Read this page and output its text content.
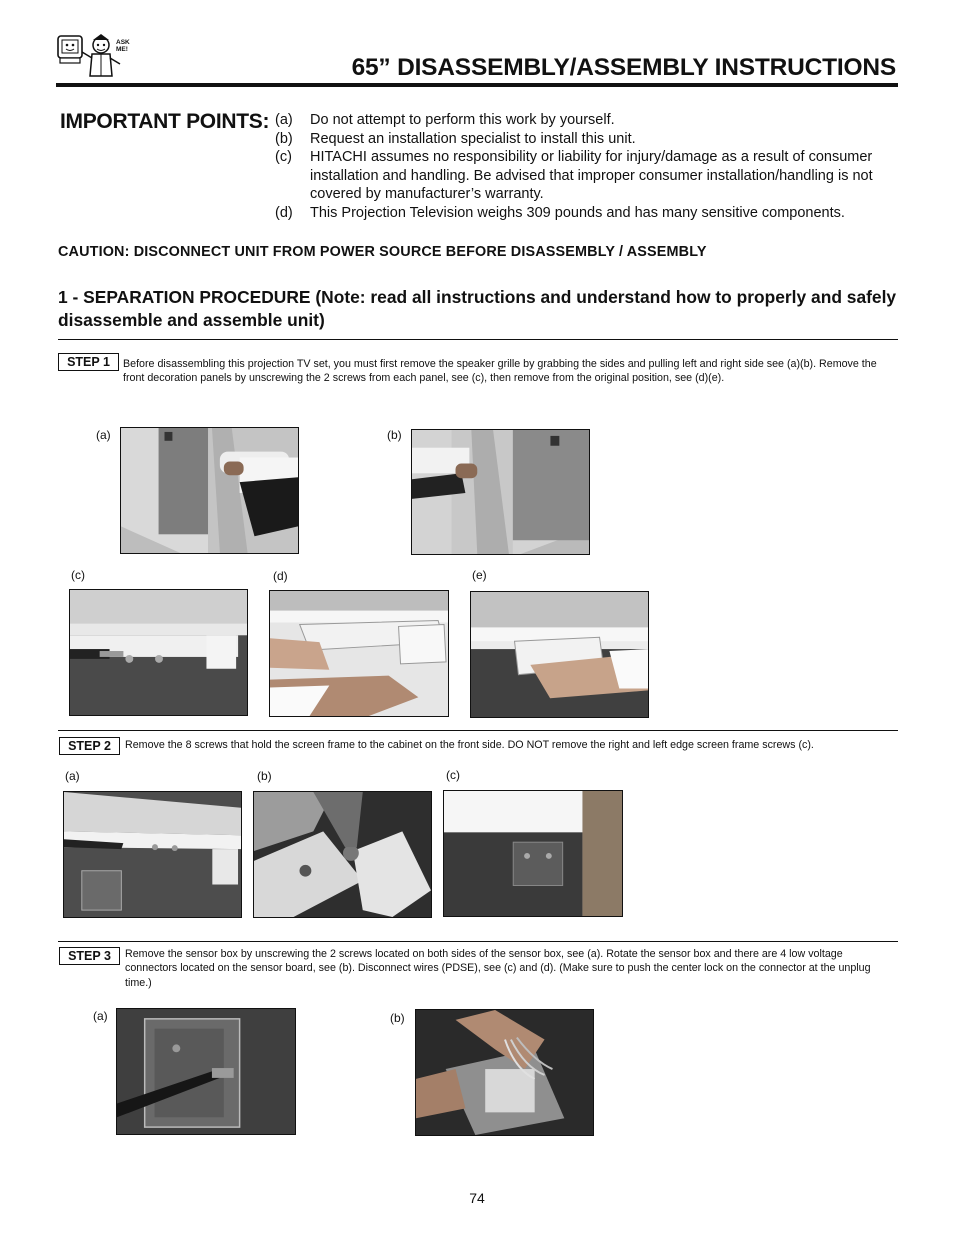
ASK ME!
65” DISASSEMBLY/ASSEMBLY INSTRUCTIONS
IMPORTANT POINTS: (a)	Do not attempt to perform this work by yourself.
(b)	Request an installation specialist to install this unit.
(c)	HITACHI assumes no responsibility or liability for injury/damage as a result of consumer installation and handling. Be advised that improper consumer installation/handling is not covered by manufacturer’s warranty.
(d)	This Projection Television weighs 309 pounds and has many sensitive components.
CAUTION: DISCONNECT UNIT FROM POWER SOURCE BEFORE DISASSEMBLY / ASSEMBLY
1 - SEPARATION PROCEDURE (Note: read all instructions and understand how to properly and safely disassemble and assemble unit)
STEP 1	Before disassembling this projection TV set, you must first remove the speaker grille by grabbing the sides and pulling left and right side see (a)(b). Remove the front decoration panels by unscrewing the 2 screws from each panel, see (c), then remove from the original position, see (d)(e).
(a)	(b)
(c)	(d)	(e)
STEP 2	Remove the 8 screws that hold the screen frame to the cabinet on the front side. DO NOT remove the right and left edge screen frame screws (c).
(a)	(b)	(c)
STEP 3	Remove the sensor box by unscrewing the 2 screws located on both sides of the sensor box, see (a). Rotate the sensor box and there are 4 low voltage connectors located on the sensor board, see (b). Disconnect wires (PDSE), see (c) and (d). (Make sure to push the center lock on the connector at the unplug time.)
(a)	(b)
74
